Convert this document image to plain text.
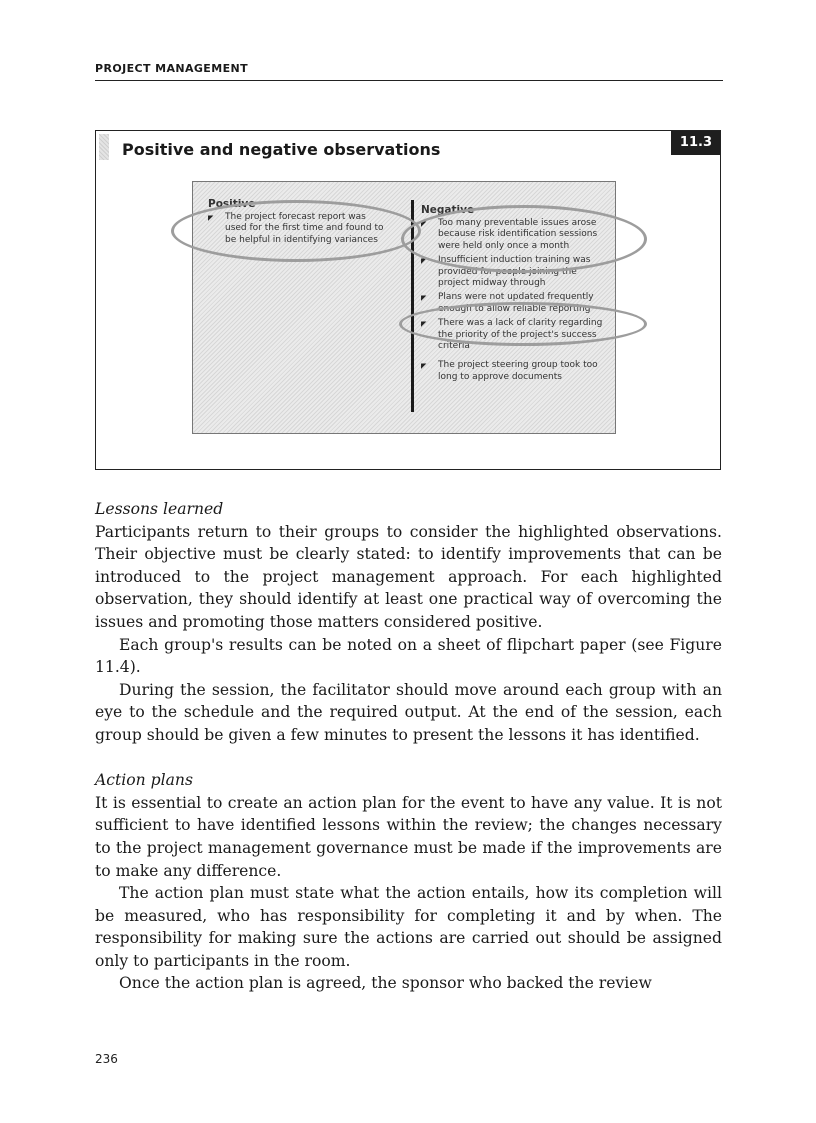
PROJECT MANAGEMENT
Positive and negative observations	11.3
Positive
◤ The project forecast report was used for the first time and found to be helpful in identifying variances
Negative
◤ Too many preventable issues arose because risk identification sessions were held only once a month
◤ Insufficient induction training was provided for people joining the project midway through
◤ Plans were not updated frequently enough to allow reliable reporting
◤ There was a lack of clarity regarding the priority of the project's success criteria
◤ The project steering group took too long to approve documents

Lessons learned

Participants return to their groups to consider the highlighted observations. Their objective must be clearly stated: to identify improvements that can be introduced to the project management approach. For each highlighted observation, they should identify at least one practical way of overcoming the issues and promoting those matters considered positive.

Each group's results can be noted on a sheet of flipchart paper (see Figure 11.4).

During the session, the facilitator should move around each group with an eye to the schedule and the required output. At the end of the session, each group should be given a few minutes to present the lessons it has identified.

Action plans

It is essential to create an action plan for the event to have any value. It is not sufficient to have identified lessons within the review; the changes necessary to the project management governance must be made if the improvements are to make any difference.

The action plan must state what the action entails, how its completion will be measured, who has responsibility for completing it and by when. The responsibility for making sure the actions are carried out should be assigned only to participants in the room.

Once the action plan is agreed, the sponsor who backed the review

236
